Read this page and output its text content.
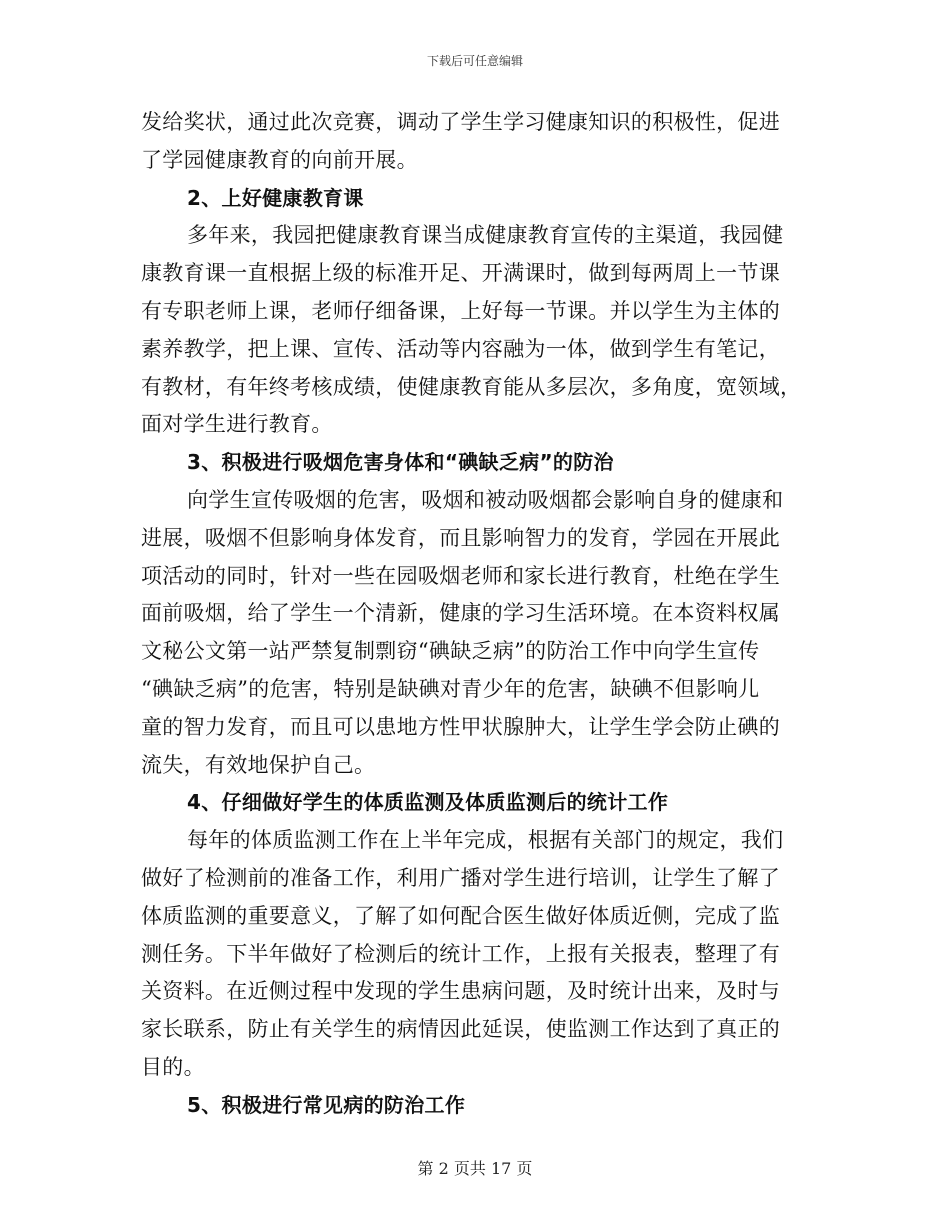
下载后可任意编辑
发给奖状，通过此次竞赛，调动了学生学习健康知识的积极性，促进
了学园健康教育的向前开展。
2、上好健康教育课
多年来，我园把健康教育课当成健康教育宣传的主渠道，我园健
康教育课一直根据上级的标准开足、开满课时，做到每两周上一节课
有专职老师上课，老师仔细备课，上好每一节课。并以学生为主体的
素养教学，把上课、宣传、活动等内容融为一体，做到学生有笔记，
有教材，有年终考核成绩，使健康教育能从多层次，多角度，宽领域，
面对学生进行教育。
3、积极进行吸烟危害身体和“碘缺乏病”的防治
向学生宣传吸烟的危害，吸烟和被动吸烟都会影响自身的健康和
进展，吸烟不但影响身体发育，而且影响智力的发育，学园在开展此
项活动的同时，针对一些在园吸烟老师和家长进行教育，杜绝在学生
面前吸烟，给了学生一个清新，健康的学习生活环境。在本资料权属
文秘公文第一站严禁复制剽窃“碘缺乏病”的防治工作中向学生宣传
“碘缺乏病”的危害，特别是缺碘对青少年的危害，缺碘不但影响儿
童的智力发育，而且可以患地方性甲状腺肿大，让学生学会防止碘的
流失，有效地保护自己。
4、仔细做好学生的体质监测及体质监测后的统计工作
每年的体质监测工作在上半年完成，根据有关部门的规定，我们
做好了检测前的准备工作，利用广播对学生进行培训，让学生了解了
体质监测的重要意义，了解了如何配合医生做好体质近侧，完成了监
测任务。下半年做好了检测后的统计工作，上报有关报表，整理了有
关资料。在近侧过程中发现的学生患病问题，及时统计出来，及时与
家长联系，防止有关学生的病情因此延误，使监测工作达到了真正的
目的。
5、积极进行常见病的防治工作
第 2 页共 17 页
